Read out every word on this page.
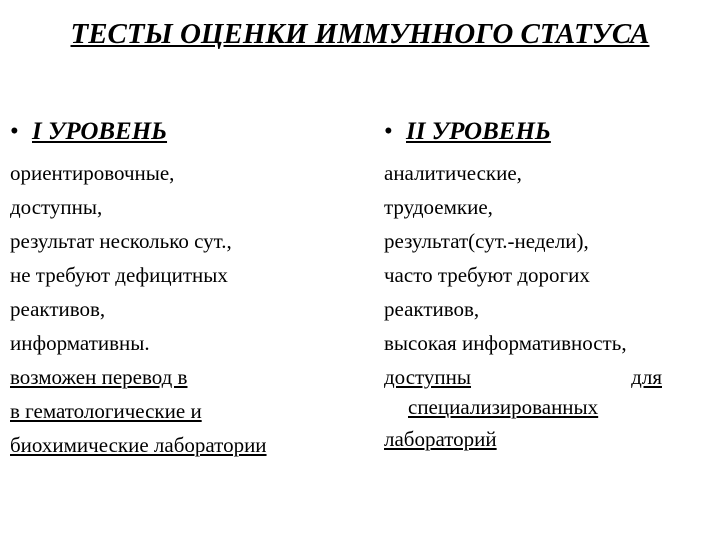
ТЕСТЫ ОЦЕНКИ ИММУННОГО СТАТУСА
• I УРОВЕНЬ
ориентировочные,
доступны,
результат несколько сут.,
не требуют дефицитных
реактивов,
информативны.
возможен перевод в
в гематологические и
биохимические лаборатории
• II УРОВЕНЬ
аналитические,
трудоемкие,
результат(сут.-недели),
часто требуют дорогих
реактивов,
высокая информативность,
доступны	для
специализированных
лабораторий
